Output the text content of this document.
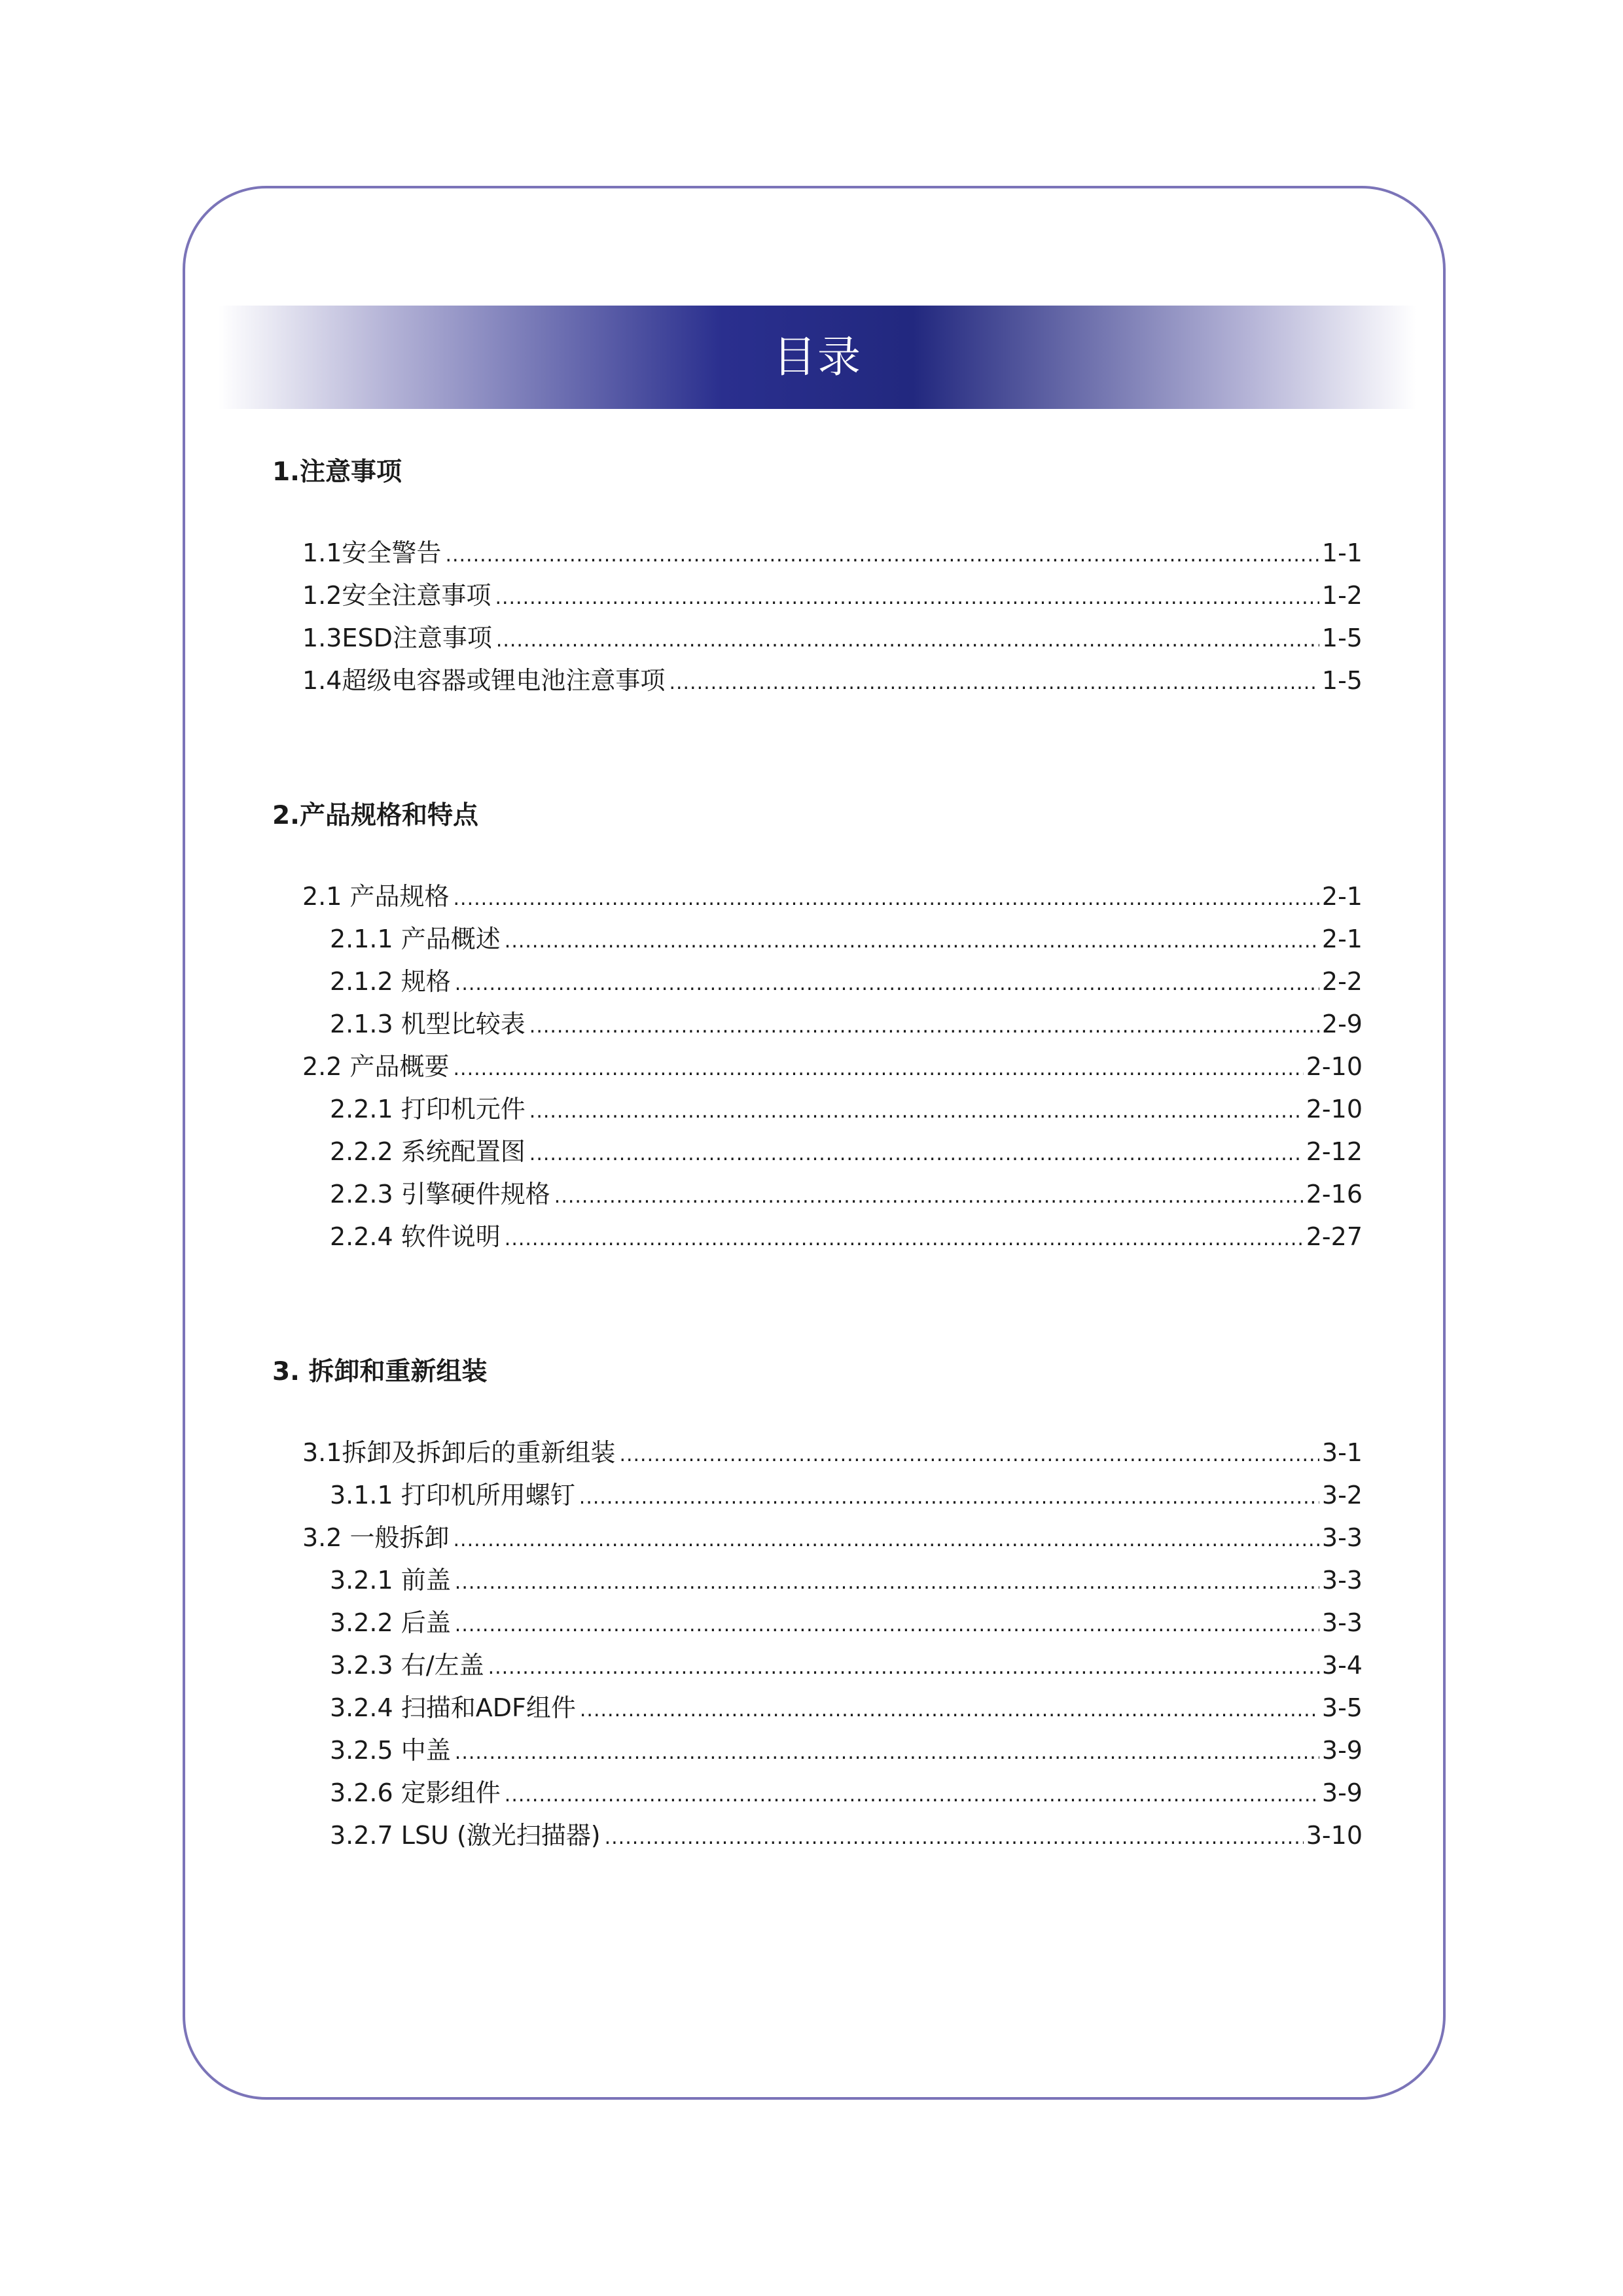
目录
1.注意事项
1.1安全警告 .....	1-1
1.2安全注意事项 .....	1-2
1.3ESD注意事项 .....	1-5
1.4超级电容器或锂电池注意事项 .....	1-5
2.产品规格和特点
2.1 产品规格 .....	2-1
2.1.1 产品概述 .....	2-1
2.1.2 规格 .....	2-2
2.1.3 机型比较表 .....	2-9
2.2 产品概要 .....	2-10
2.2.1 打印机元件 .....	2-10
2.2.2 系统配置图 .....	2-12
2.2.3 引擎硬件规格 .....	2-16
2.2.4 软件说明 .....	2-27
3. 拆卸和重新组装
3.1拆卸及拆卸后的重新组装 .....	3-1
3.1.1 打印机所用螺钉 .....	3-2
3.2 一般拆卸 .....	3-3
3.2.1 前盖 .....	3-3
3.2.2 后盖 .....	3-3
3.2.3 右/左盖 .....	3-4
3.2.4 扫描和ADF组件 .....	3-5
3.2.5 中盖 .....	3-9
3.2.6 定影组件 .....	3-9
3.2.7 LSU (激光扫描器) .....	3-10
